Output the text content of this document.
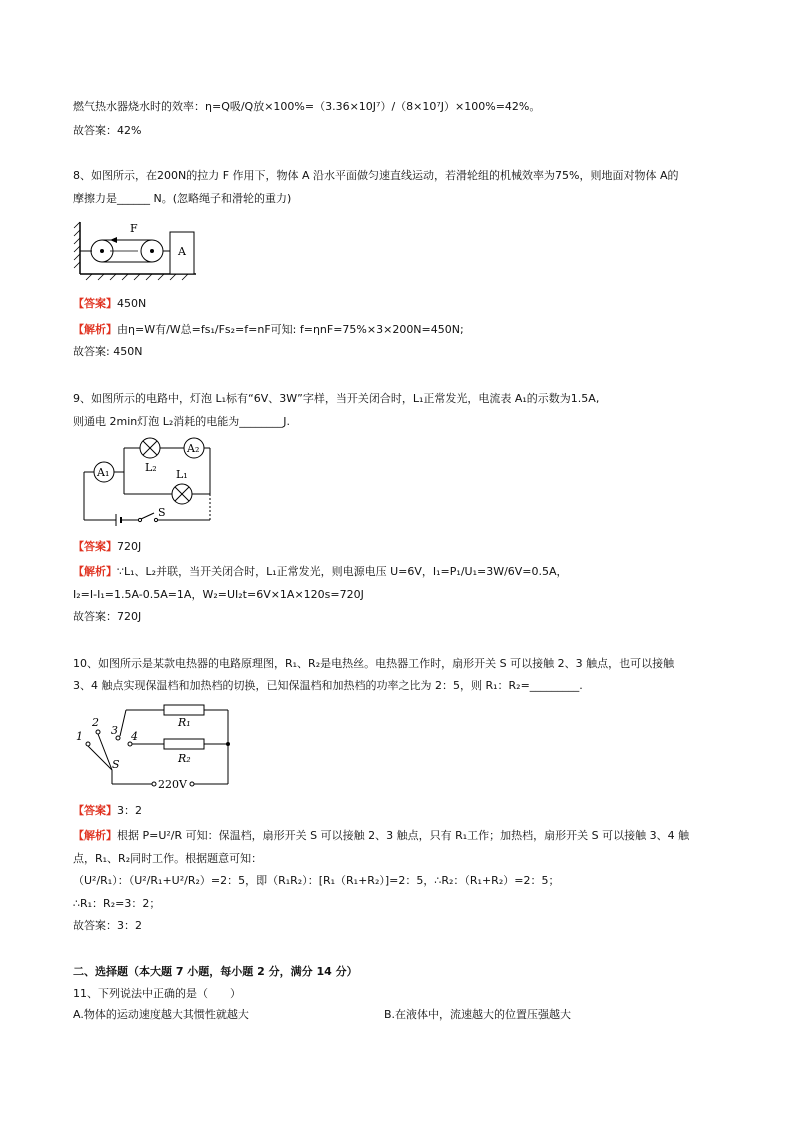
燃气热水器烧水时的效率：η=Q吸/Q放×100%=（3.36×10J⁷）/（8×10⁷J）×100%=42%。
故答案：42%
8、如图所示，在200N的拉力 F 作用下，物体 A 沿水平面做匀速直线运动，若滑轮组的机械效率为75%，则地面对物体 A的
摩擦力是______ N。(忽略绳子和滑轮的重力)
F
A
【答案】450N
【解析】由η=W有/W总=fs₁/Fs₂=f=nF可知: f=ηnF=75%×3×200N=450N;
故答案: 450N
9、如图所示的电路中，灯泡 L₁标有“6V、3W”字样，当开关闭合时，L₁正常发光，电流表 A₁的示数为1.5A,
则通电 2min灯泡 L₂消耗的电能为________J.
A₁
A₂
L₂
L₁
S
【答案】720J
【解析】∵L₁、L₂并联，当开关闭合时，L₁正常发光，则电源电压 U=6V，I₁=P₁/U₁=3W/6V=0.5A，
I₂=I-I₁=1.5A-0.5A=1A，W₂=UI₂t=6V×1A×120s=720J
故答案：720J
10、如图所示是某款电热器的电路原理图，R₁、R₂是电热丝。电热器工作时，扇形开关 S 可以接触 2、3 触点，也可以接触
3、4 触点实现保温档和加热档的切换，已知保温档和加热档的功率之比为 2：5，则 R₁：R₂=_________.
1
2
3 4
S
R₁
R₂
220V
【答案】3：2
【解析】根据 P=U²/R 可知：保温档，扇形开关 S 可以接触 2、3 触点，只有 R₁工作；加热档，扇形开关 S 可以接触 3、4 触
点，R₁、R₂同时工作。根据题意可知：
（U²/R₁）：（U²/R₁+U²/R₂）=2：5，即（R₁R₂）：[R₁（R₁+R₂）]=2：5，∴R₂：（R₁+R₂）=2：5；
∴R₁：R₂=3：2；
故答案：3：2
二、选择题（本大题 7 小题，每小题 2 分，满分 14 分）
11、下列说法中正确的是（　　）
A.物体的运动速度越大其惯性就越大	B.在液体中，流速越大的位置压强越大
